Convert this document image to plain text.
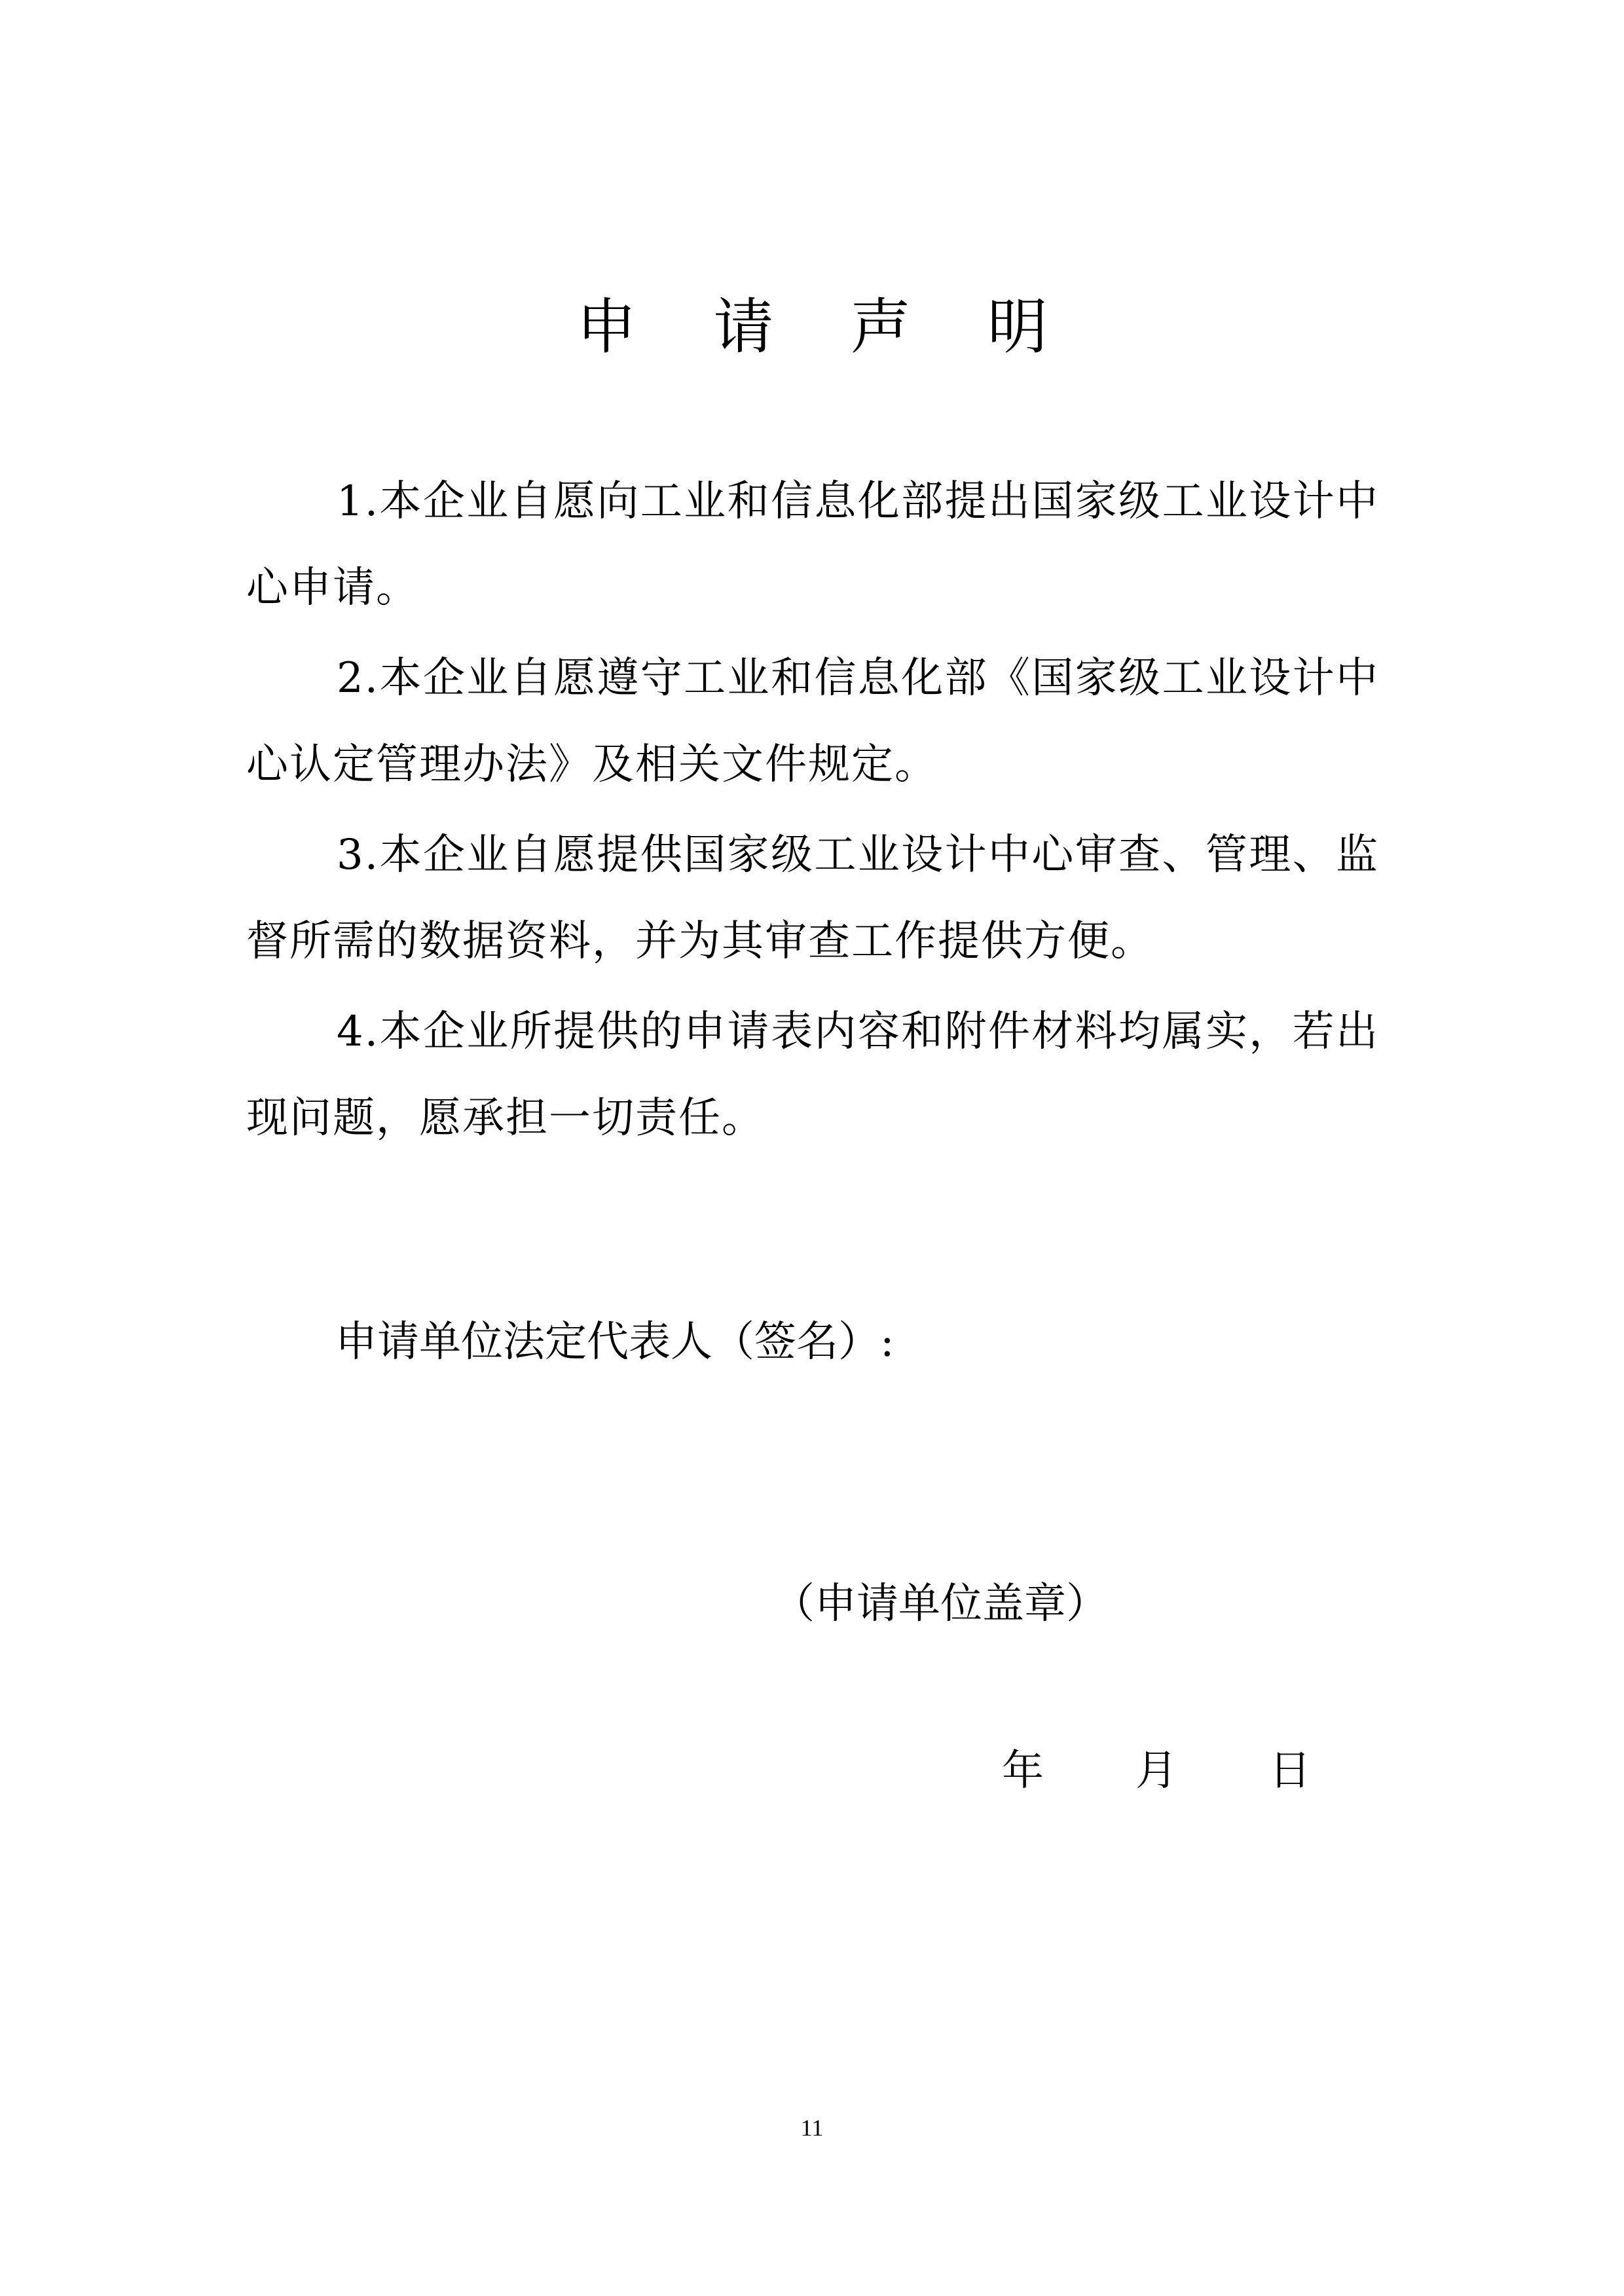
申 请 声 明

1.本企业自愿向工业和信息化部提出国家级工业设计中心申请。

2.本企业自愿遵守工业和信息化部《国家级工业设计中心认定管理办法》及相关文件规定。

3.本企业自愿提供国家级工业设计中心审查、管理、监督所需的数据资料，并为其审查工作提供方便。

4.本企业所提供的申请表内容和附件材料均属实，若出现问题，愿承担一切责任。

申请单位法定代表人（签名）:

（申请单位盖章）

年 月 日

11
